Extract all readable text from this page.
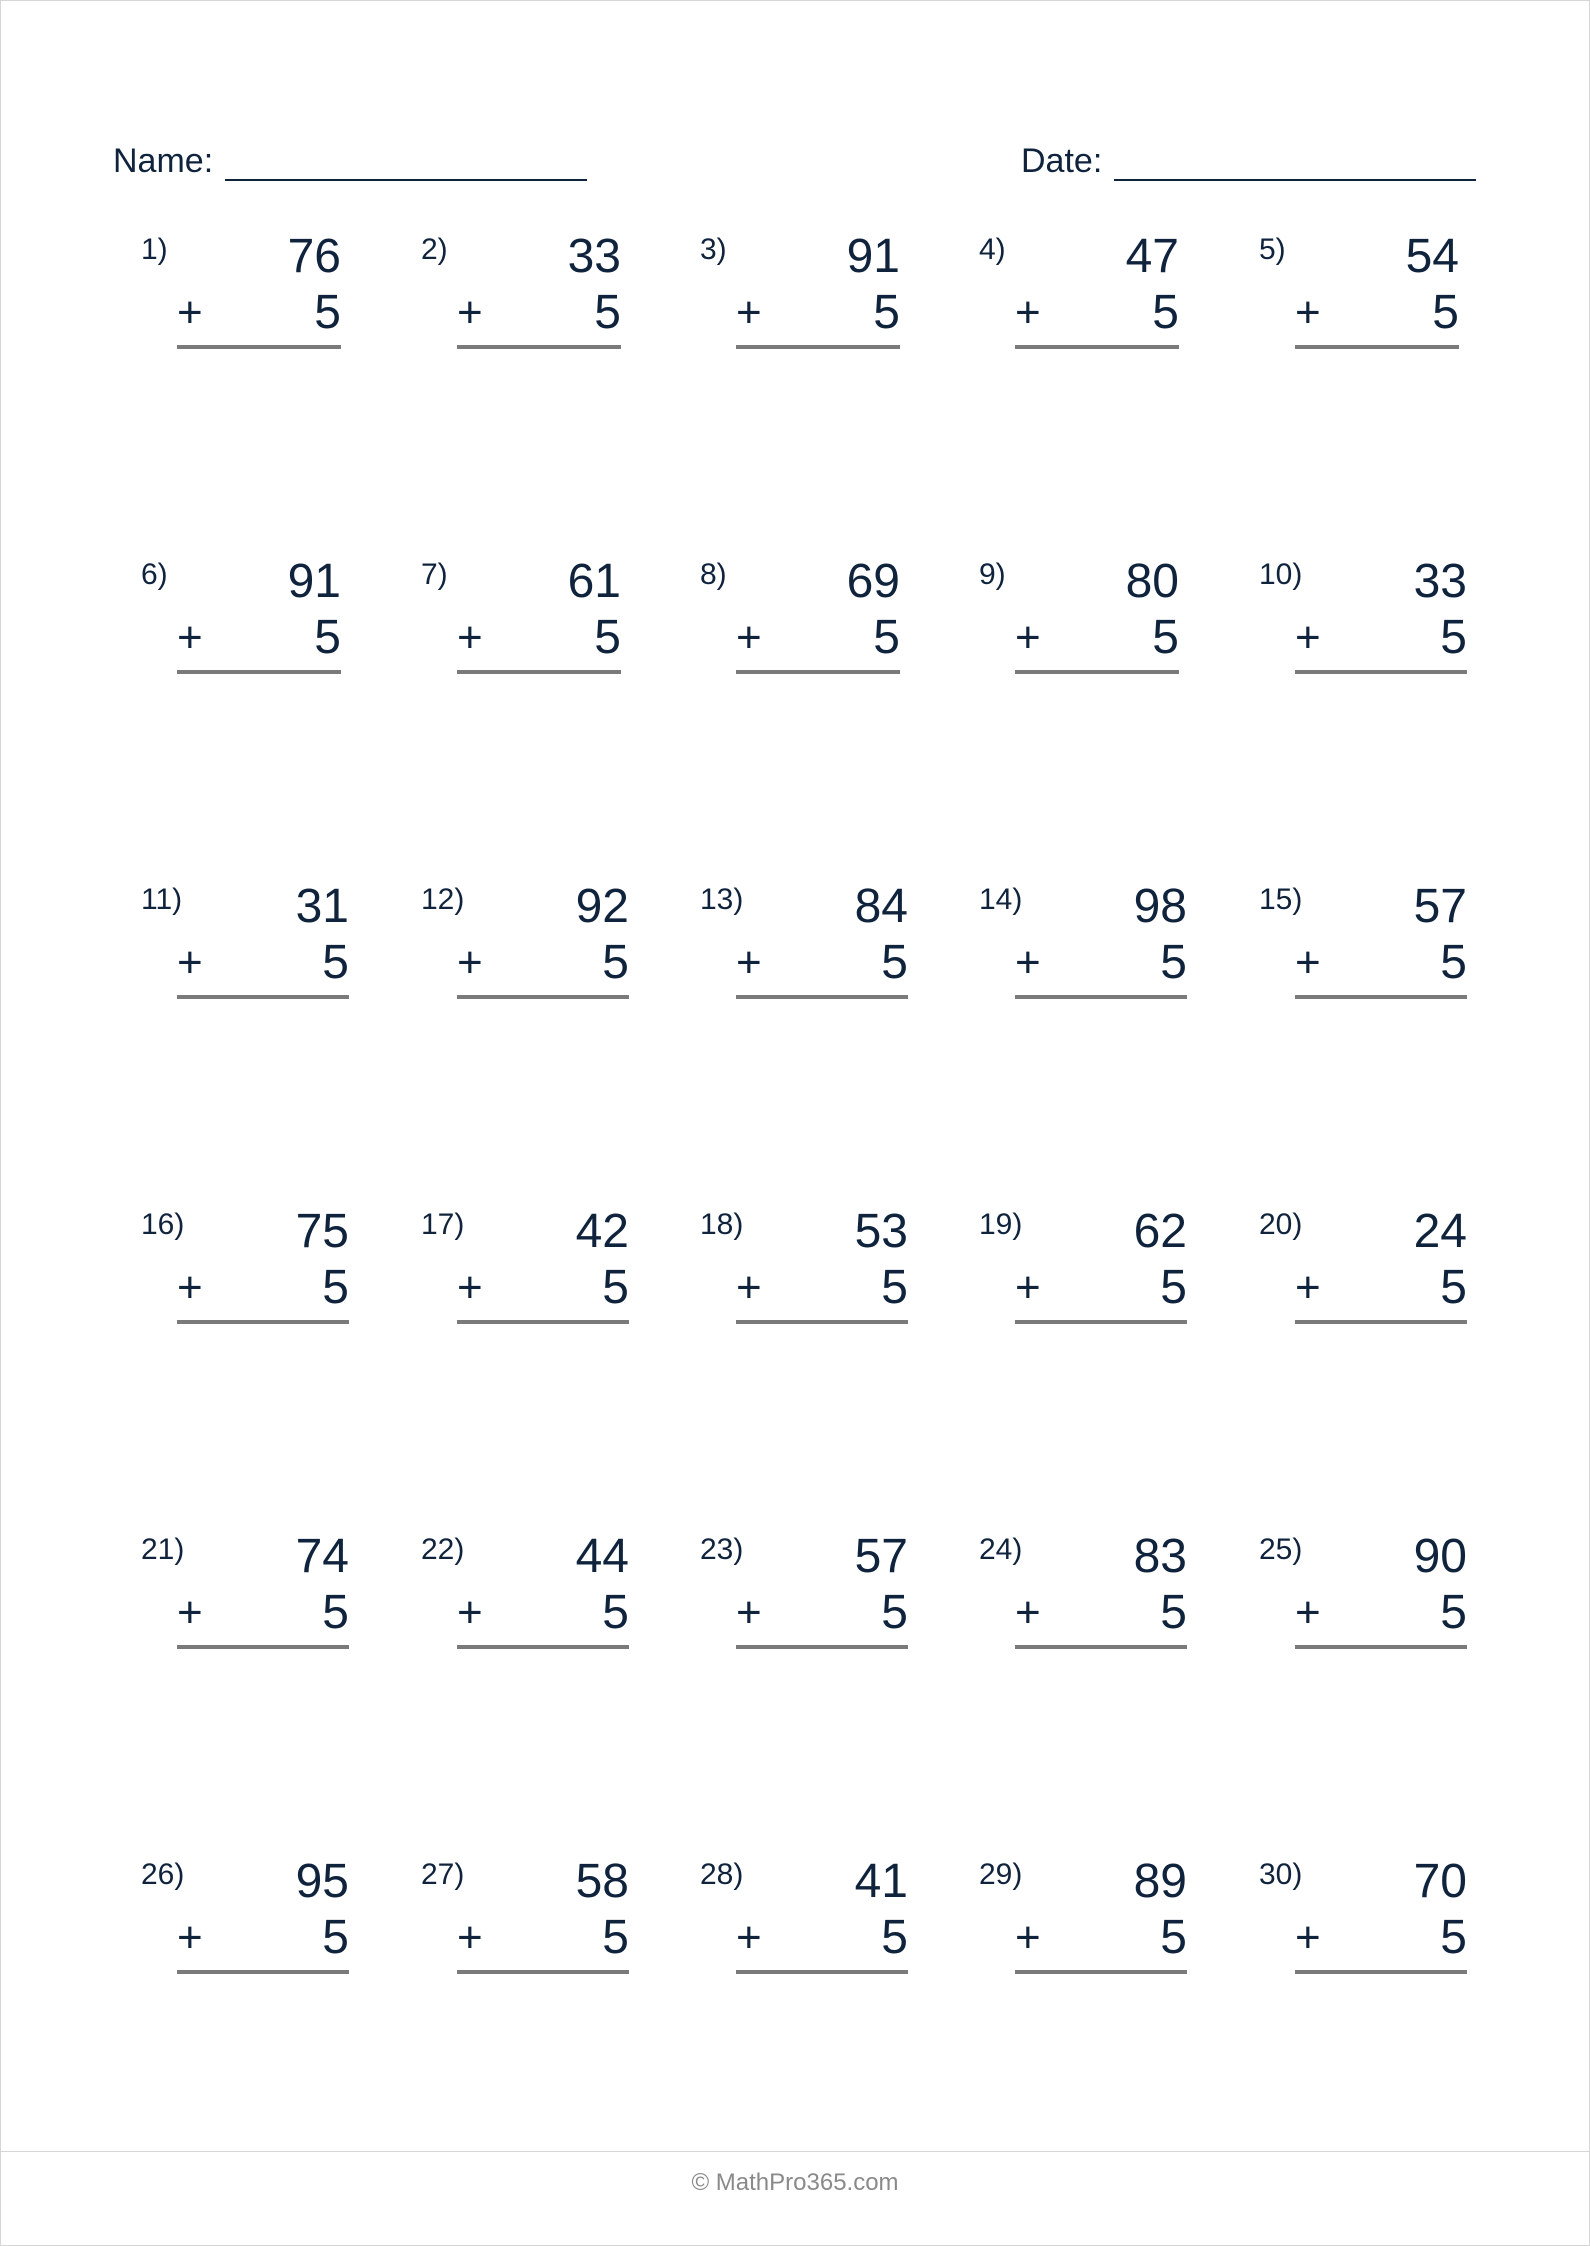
Name:	Date:
1) 76
+ 5
2) 33
+ 5
3) 91
+ 5
4) 47
+ 5
5) 54
+ 5
6) 91
+ 5
7) 61
+ 5
8) 69
+ 5
9) 80
+ 5
10) 33
+ 5
11) 31
+ 5
12) 92
+ 5
13) 84
+ 5
14) 98
+ 5
15) 57
+ 5
16) 75
+ 5
17) 42
+ 5
18) 53
+ 5
19) 62
+ 5
20) 24
+ 5
21) 74
+ 5
22) 44
+ 5
23) 57
+ 5
24) 83
+ 5
25) 90
+ 5
26) 95
+ 5
27) 58
+ 5
28) 41
+ 5
29) 89
+ 5
30) 70
+ 5
© MathPro365.com
